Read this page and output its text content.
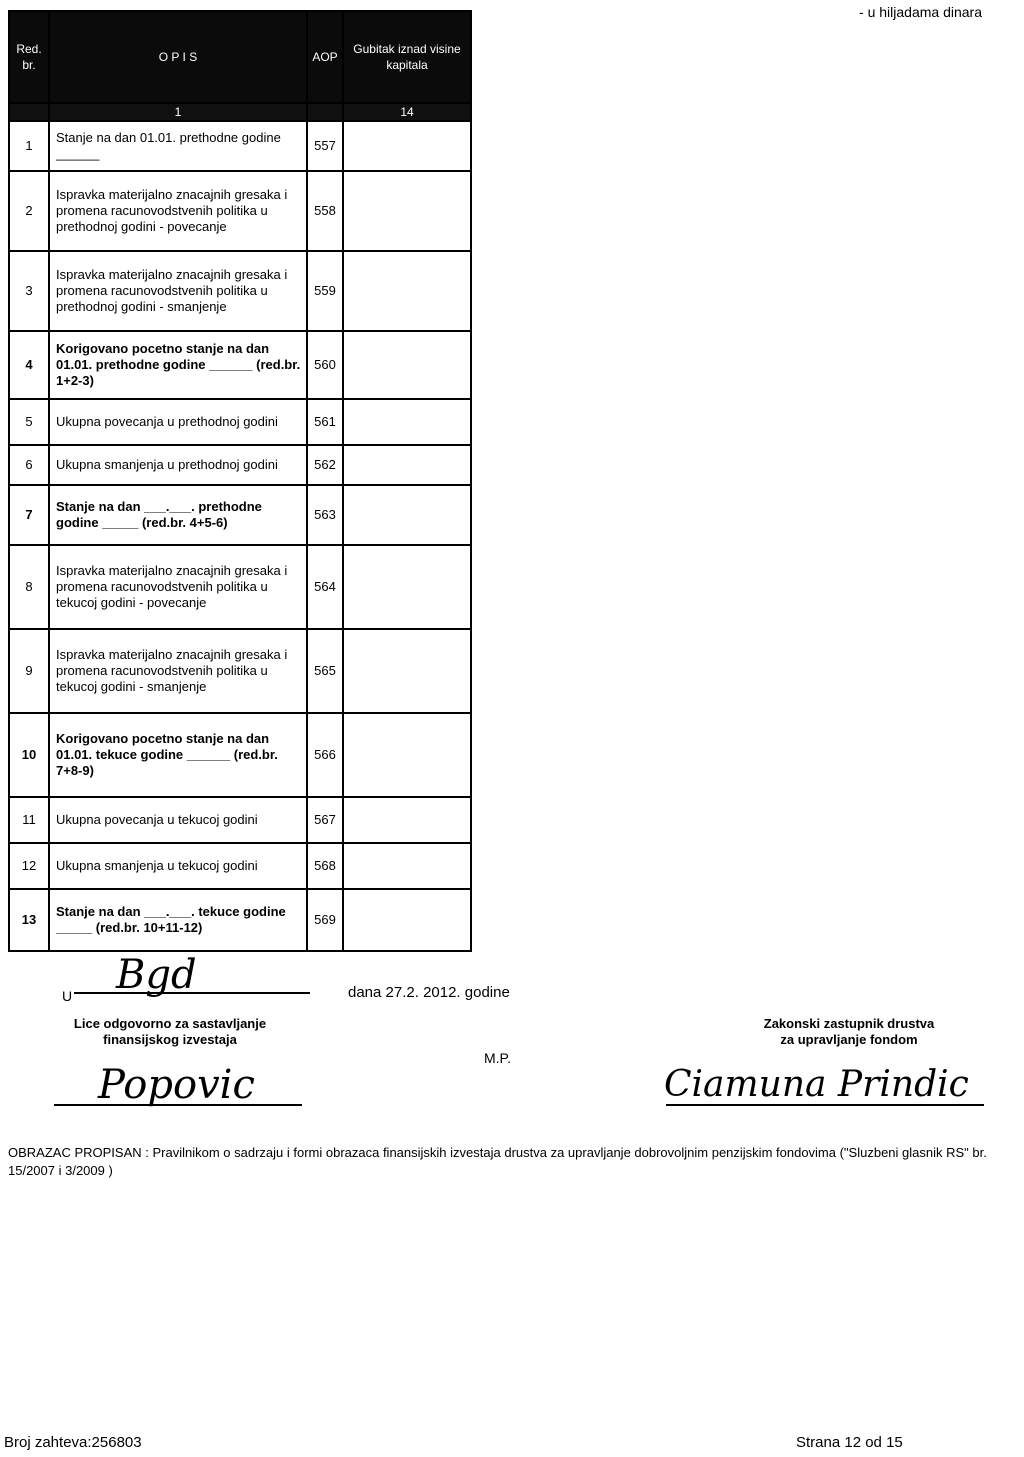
- u hiljadama dinara
Red. br.	O P I S	AOP	Gubitak iznad visine kapitala
	1		14
1	Stanje na dan 01.01. prethodne godine ______	557	
2	Ispravka materijalno znacajnih gresaka i promena racunovodstvenih politika u prethodnoj godini - povecanje	558	
3	Ispravka materijalno znacajnih gresaka i promena racunovodstvenih politika u prethodnoj godini - smanjenje	559	
4	Korigovano pocetno stanje na dan 01.01. prethodne godine ______ (red.br. 1+2-3)	560	
5	Ukupna povecanja u prethodnoj godini	561	
6	Ukupna smanjenja u prethodnoj godini	562	
7	Stanje na dan ___.___. prethodne godine _____ (red.br. 4+5-6)	563	
8	Ispravka materijalno znacajnih gresaka i promena racunovodstvenih politika u tekucoj godini - povecanje	564	
9	Ispravka materijalno znacajnih gresaka i promena racunovodstvenih politika u tekucoj godini - smanjenje	565	
10	Korigovano pocetno stanje na dan 01.01. tekuce godine ______ (red.br. 7+8-9)	566	
11	Ukupna povecanja u tekucoj godini	567	
12	Ukupna smanjenja u tekucoj godini	568	
13	Stanje na dan ___.___. tekuce godine _____ (red.br. 10+11-12)	569	
U Bgd	dana 27.2. 2012. godine
Lice odgovorno za sastavljanje
finansijskog izvestaja
Popovic
M.P.
Zakonski zastupnik drustva
za upravljanje fondom
Ciamuna Prindic
OBRAZAC PROPISAN : Pravilnikom o sadrzaju i formi obrazaca finansijskih izvestaja drustva za upravljanje dobrovoljnim penzijskim fondovima ("Sluzbeni glasnik RS" br. 15/2007 i 3/2009 )
Broj zahteva:256803	Strana 12 od 15
